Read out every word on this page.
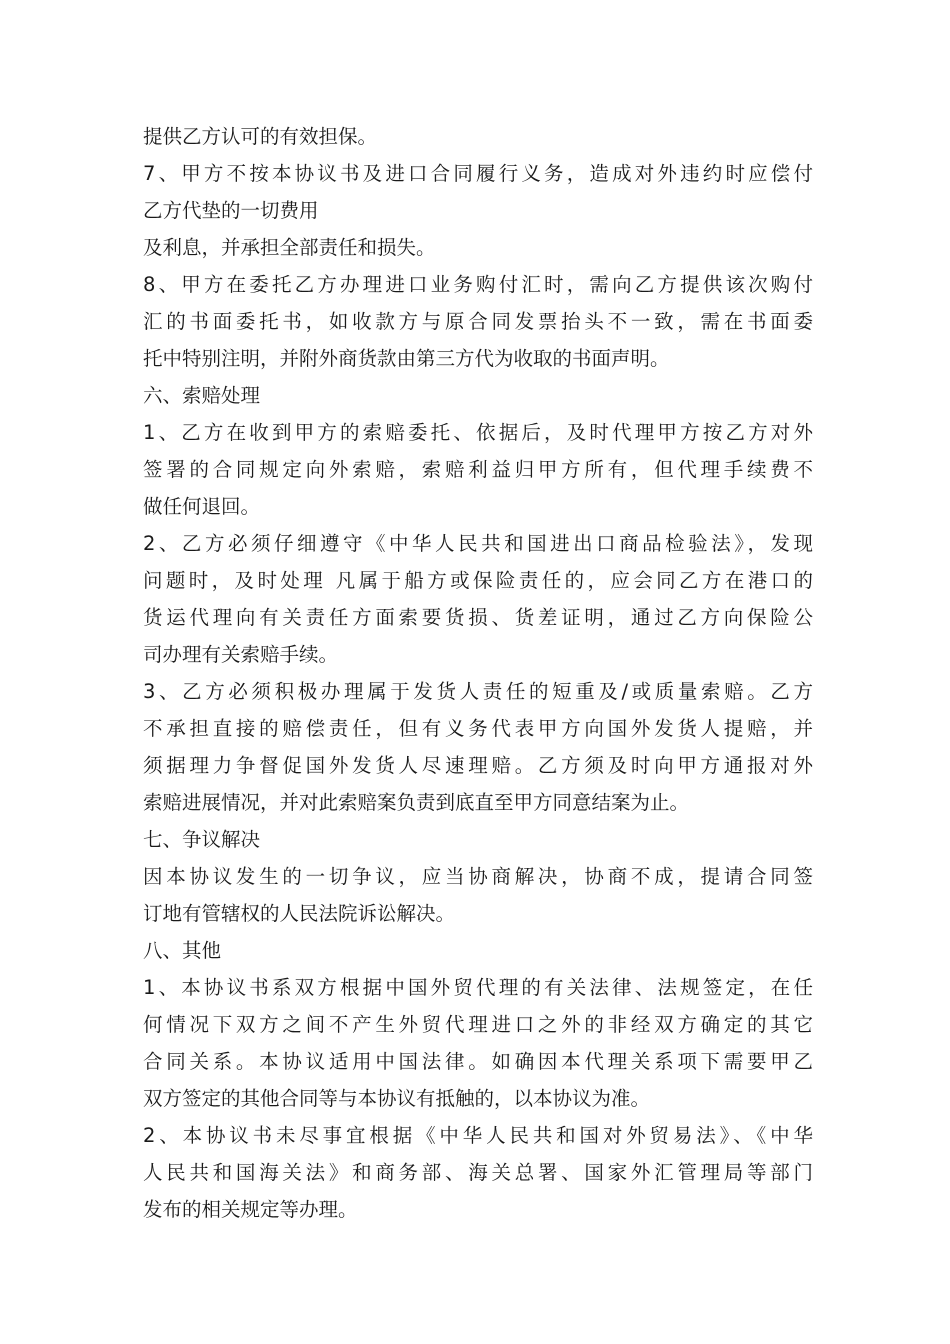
提供乙方认可的有效担保。
7、甲方不按本协议书及进口合同履行义务，造成对外违约时应偿付
乙方代垫的一切费用
及利息，并承担全部责任和损失。
8、甲方在委托乙方办理进口业务购付汇时，需向乙方提供该次购付
汇的书面委托书，如收款方与原合同发票抬头不一致，需在书面委
托中特别注明，并附外商货款由第三方代为收取的书面声明。
六、索赔处理
1、乙方在收到甲方的索赔委托、依据后，及时代理甲方按乙方对外
签署的合同规定向外索赔，索赔利益归甲方所有，但代理手续费不
做任何退回。
2、乙方必须仔细遵守《中华人民共和国进出口商品检验法》，发现
问题时，及时处理 凡属于船方或保险责任的，应会同乙方在港口的
货运代理向有关责任方面索要货损、货差证明，通过乙方向保险公
司办理有关索赔手续。
3、乙方必须积极办理属于发货人责任的短重及/或质量索赔。乙方
不承担直接的赔偿责任，但有义务代表甲方向国外发货人提赔，并
须据理力争督促国外发货人尽速理赔。乙方须及时向甲方通报对外
索赔进展情况，并对此索赔案负责到底直至甲方同意结案为止。
七、争议解决
因本协议发生的一切争议，应当协商解决，协商不成，提请合同签
订地有管辖权的人民法院诉讼解决。
八、其他
1、本协议书系双方根据中国外贸代理的有关法律、法规签定，在任
何情况下双方之间不产生外贸代理进口之外的非经双方确定的其它
合同关系。本协议适用中国法律。如确因本代理关系项下需要甲乙
双方签定的其他合同等与本协议有抵触的，以本协议为准。
2、本协议书未尽事宜根据《中华人民共和国对外贸易法》、《中华
人民共和国海关法》和商务部、海关总署、国家外汇管理局等部门
发布的相关规定等办理。
